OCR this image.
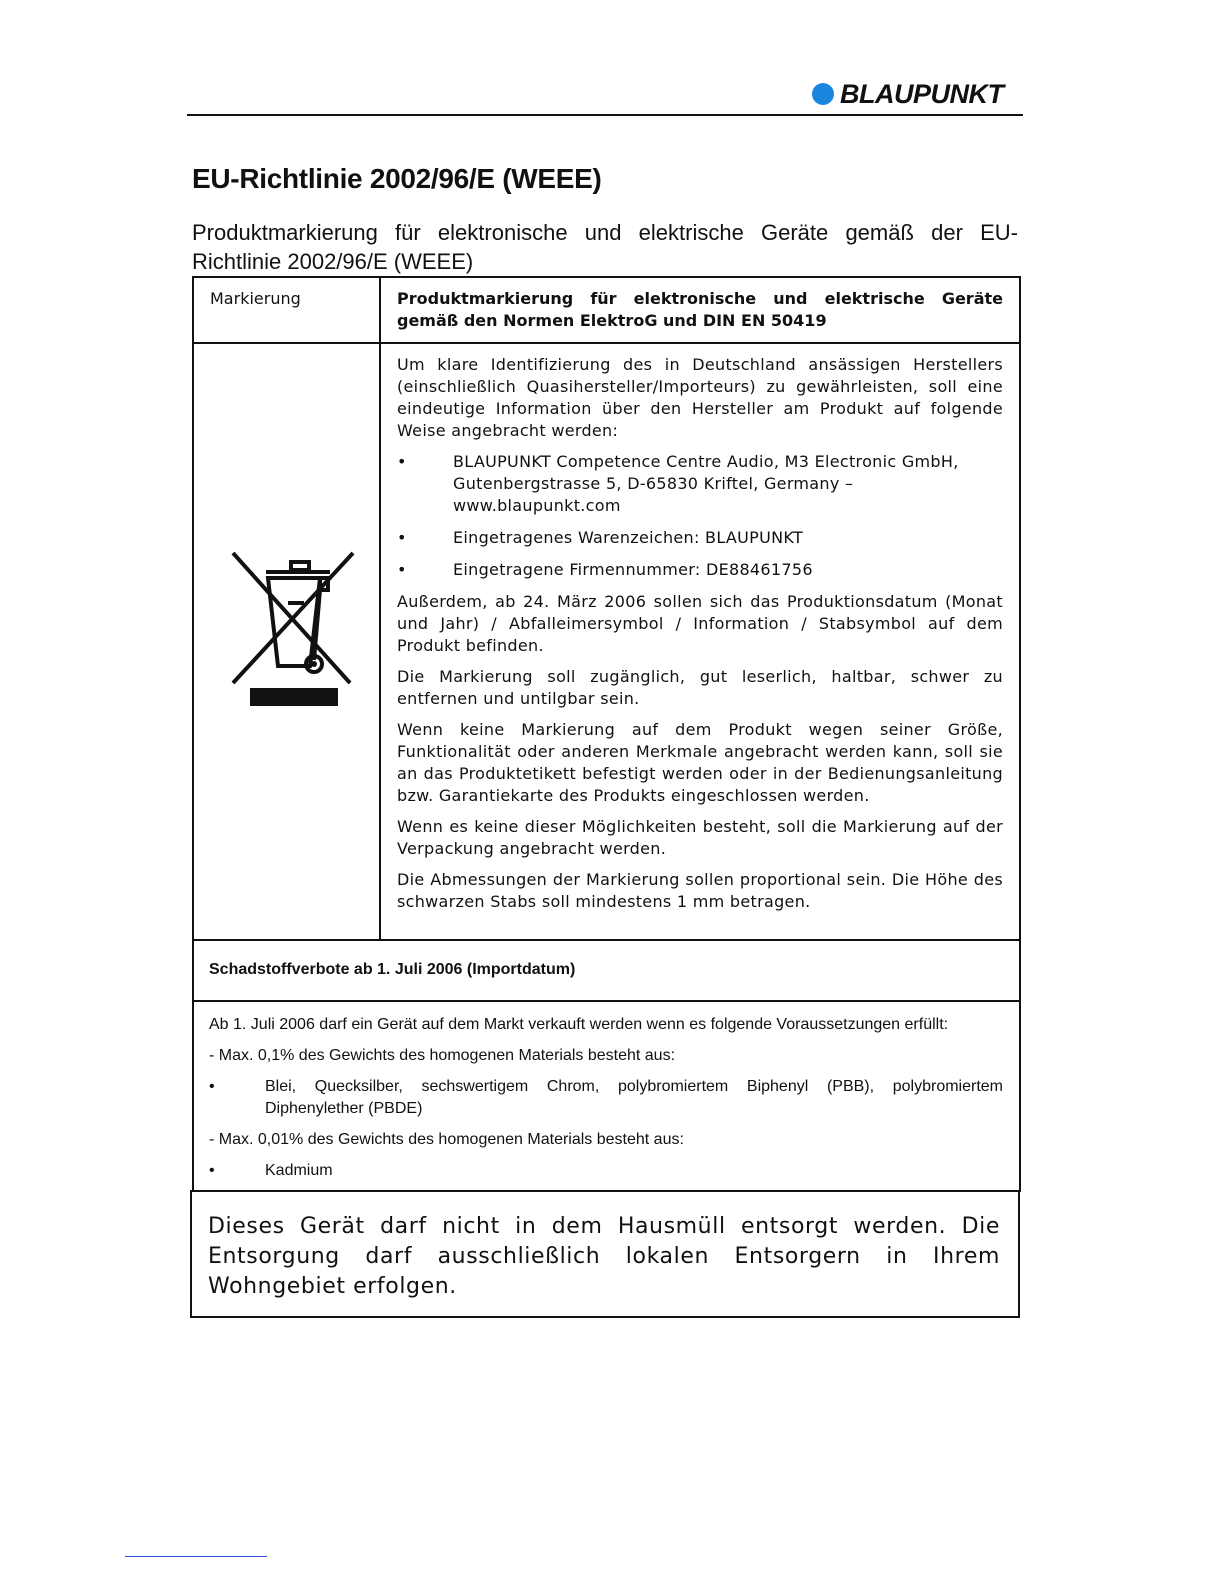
BLAUPUNKT
EU-Richtlinie 2002/96/E (WEEE)

Produktmarkierung für elektronische und elektrische Geräte gemäß der EU-Richtlinie 2002/96/E (WEEE)

Markierung	Produktmarkierung für elektronische und elektrische Geräte gemäß den Normen ElektroG und DIN EN 50419

Um klare Identifizierung des in Deutschland ansässigen Herstellers (einschließlich Quasihersteller/Importeurs) zu gewährleisten, soll eine eindeutige Information über den Hersteller am Produkt auf folgende Weise angebracht werden:

•	BLAUPUNKT Competence Centre Audio, M3 Electronic GmbH, Gutenbergstrasse 5, D-65830 Kriftel, Germany – www.blaupunkt.com
•	Eingetragenes Warenzeichen: BLAUPUNKT
•	Eingetragene Firmennummer: DE88461756

Außerdem, ab 24. März 2006 sollen sich das Produktionsdatum (Monat und Jahr) / Abfalleimersymbol / Information / Stabsymbol auf dem Produkt befinden.

Die Markierung soll zugänglich, gut leserlich, haltbar, schwer zu entfernen und untilgbar sein.

Wenn keine Markierung auf dem Produkt wegen seiner Größe, Funktionalität oder anderen Merkmale angebracht werden kann, soll sie an das Produktetikett befestigt werden oder in der Bedienungsanleitung bzw. Garantiekarte des Produkts eingeschlossen werden.

Wenn es keine dieser Möglichkeiten besteht, soll die Markierung auf der Verpackung angebracht werden.

Die Abmessungen der Markierung sollen proportional sein. Die Höhe des schwarzen Stabs soll mindestens 1 mm betragen.

Schadstoffverbote ab 1. Juli 2006 (Importdatum)
Ab 1. Juli 2006 darf ein Gerät auf dem Markt verkauft werden wenn es folgende Voraussetzungen erfüllt:
- Max. 0,1% des Gewichts des homogenen Materials besteht aus:
•	Blei, Quecksilber, sechswertigem Chrom, polybromiertem Biphenyl (PBB), polybromiertem Diphenylether (PBDE)
- Max. 0,01% des Gewichts des homogenen Materials besteht aus:
•	Kadmium

Dieses Gerät darf nicht in dem Hausmüll entsorgt werden. Die Entsorgung darf ausschließlich lokalen Entsorgern in Ihrem Wohngebiet erfolgen.
